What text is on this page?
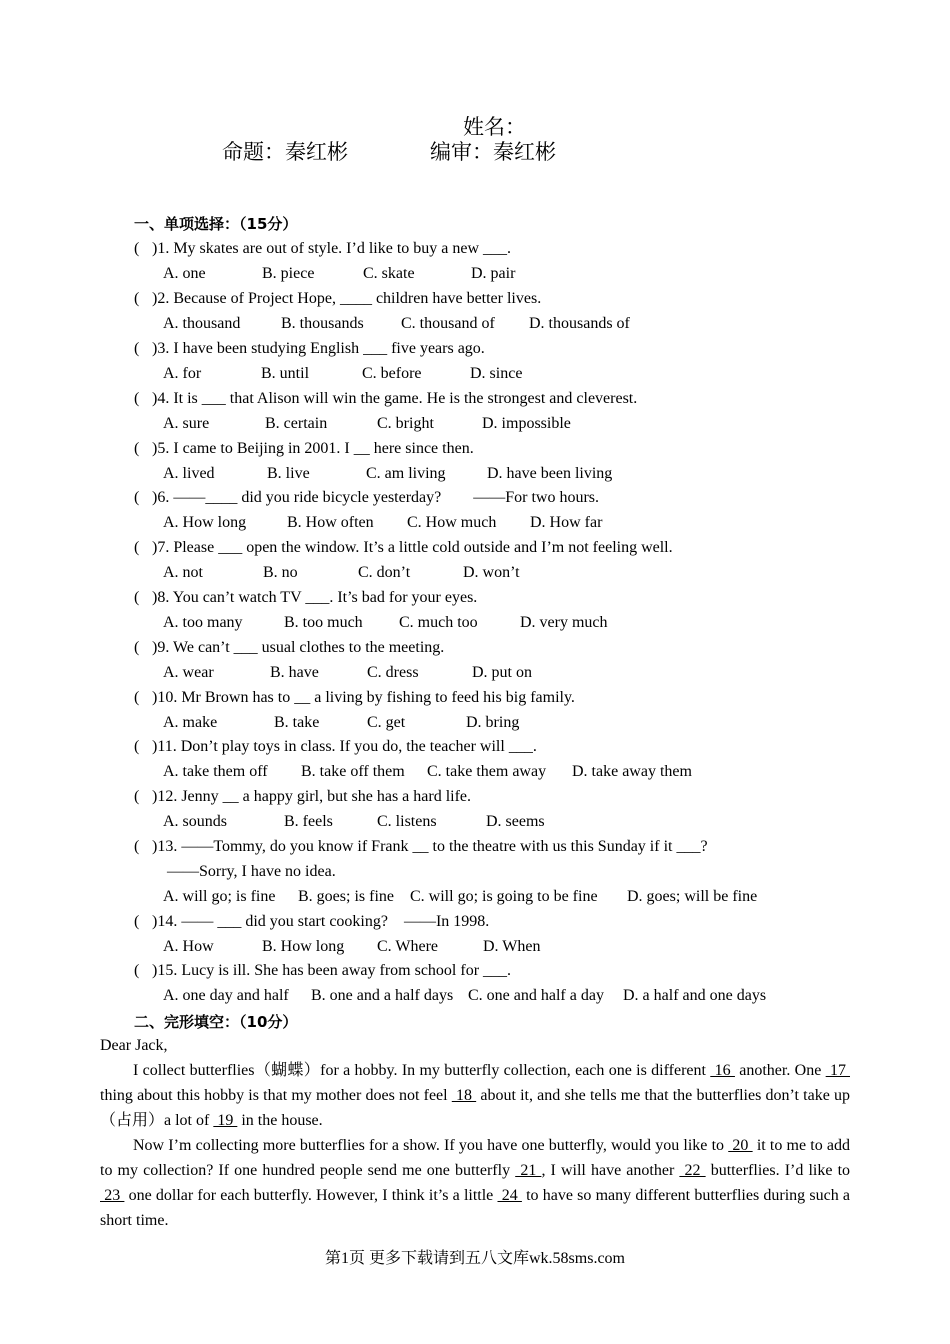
姓名：
命题：秦红彬	编审：秦红彬
一、单项选择：（15分）
( )1. My skates are out of style. I’d like to buy a new ___.
A. one	B. piece	C. skate	D. pair
( )2. Because of Project Hope, ____ children have better lives.
A. thousand	B. thousands C. thousand of D. thousands of
( )3. I have been studying English ___ five years ago.
A. for	B. until	C. before	D. since
( )4. It is ___ that Alison will win the game. He is the strongest and cleverest.
A. sure	B. certain	C. bright	D. impossible
( )5. I came to Beijing in 2001. I __ here since then.
A. lived	B. live	C. am living	D. have been living
( )6. ——____ did you ride bicycle yesterday?        ——For two hours.
A. How long	B. How often C. How much D. How far
( )7. Please ___ open the window. It’s a little cold outside and I’m not feeling well.
A. not	B. no	C. don’t	D. won’t
( )8. You can’t watch TV ___. It’s bad for your eyes.
A. too many	B. too much C. much too	D. very much
( )9. We can’t ___ usual clothes to the meeting.
A. wear	B. have	C. dress	D. put on
( )10. Mr Brown has to __ a living by fishing to feed his big family.
A. make	B. take	C. get	D. bring
( )11. Don’t play toys in class. If you do, the teacher will ___.
A. take them off B. take off them C. take them away D. take away them
( )12. Jenny __ a happy girl, but she has a hard life.
A. sounds	B. feels	C. listens	D. seems
( )13. ——Tommy, do you know if Frank __ to the theatre with us this Sunday if it ___?
——Sorry, I have no idea.
A. will go; is fine B. goes; is fine C. will go; is going to be fine D. goes; will be fine
( )14. —— ___ did you start cooking?    ——In 1998.
A. How	B. How long C. Where	D. When
( )15. Lucy is ill. She has been away from school for ___.
A. one day and half B. one and a half days C. one and half a day D. a half and one days
二、完形填空：（10分）
Dear Jack,
I collect butterflies（蝴蝶）for a hobby. In my butterfly collection, each one is different  16  another. One  17  thing about this hobby is that my mother does not feel  18  about it, and she tells me that the butterflies don’t take up（占用）a lot of  19  in the house.
Now I’m collecting more butterflies for a show. If you have one butterfly, would you like to  20  it to me to add to my collection? If one hundred people send me one butterfly  21 , I will have another  22  butterflies. I’d like to  23  one dollar for each butterfly. However, I think it’s a little  24  to have so many different butterflies during such a short time.
第1页 更多下载请到五八文库wk.58sms.com
